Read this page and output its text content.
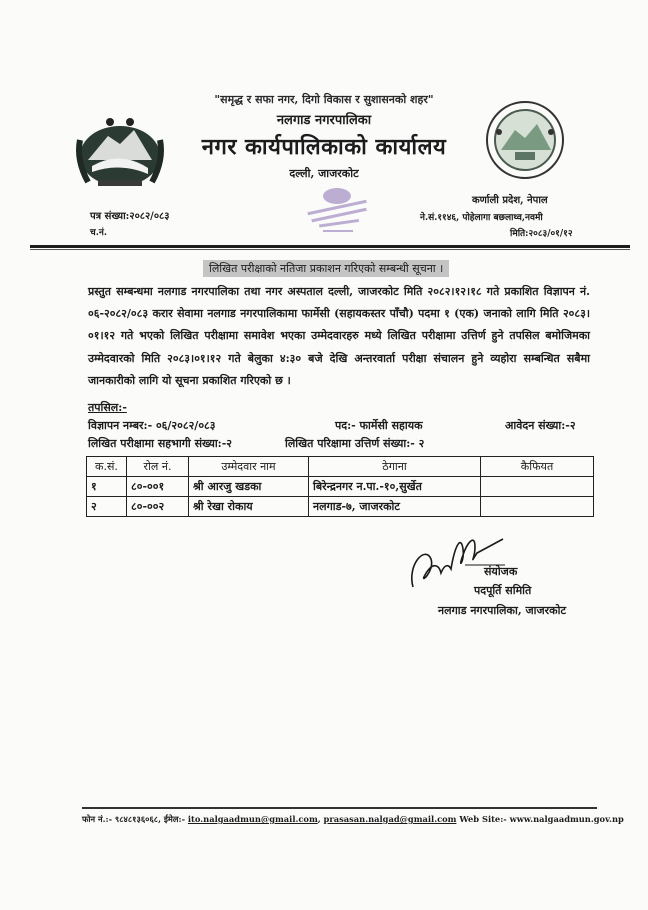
"समृद्ध र सफा नगर, दिगो विकास र सुशासनको शहर"
नलगाड नगरपालिका
नगर कार्यपालिकाको कार्यालय
दल्ली, जाजरकोट
पत्र संख्या:२०८२/०८३
च.नं.
कर्णाली प्रदेश, नेपाल
ने.सं.११४६, पोहेलागा बछलाथ्व,नवमी
मिति:२०८३/०१/१२
लिखित परीक्षाको नतिजा प्रकाशन गरिएको सम्बन्धी सूचना ।
प्रस्तुत सम्बन्धमा नलगाड नगरपालिका तथा नगर अस्पताल दल्ली, जाजरकोट मिति २०८२।१२।१८ गते प्रकाशित विज्ञापन नं. ०६-२०८२/०८३ करार सेवामा नलगाड नगरपालिकामा फार्मेसी (सहायकस्तर पाँचौ) पदमा १ (एक) जनाको लागि मिति २०८३।०१।१२ गते भएको लिखित परीक्षामा समावेश भएका उम्मेदवारहरु मध्ये लिखित परीक्षामा उत्तिर्ण हुने तपसिल बमोजिमका उम्मेदवारको मिति २०८३।०१।१२ गते बेलुका ४:३० बजे देखि अन्तरवार्ता परीक्षा संचालन हुने व्यहोरा सम्बन्धित सबैमा जानकारीको लागि यो सूचना प्रकाशित गरिएको छ ।
तपसिल:-
विज्ञापन नम्बर:- ०६/२०८२/०८३	पद:- फार्मेसी सहायक	आवेदन संख्या:-२
लिखित परीक्षामा सहभागी संख्या:-२	लिखित परिक्षामा उत्तिर्ण संख्या:- २
क.सं.	रोल नं.	उम्मेदवार नाम	ठेगाना	कैफियत
१	८०-००१	श्री आरजु खडका	बिरेन्द्रनगर न.पा.-१०,सुर्खेत	
२	८०-००२	श्री रेखा रोकाय	नलगाड-७, जाजरकोट	
संयोजक
पदपूर्ति समिति
नलगाड नगरपालिका, जाजरकोट
फोन नं.:- ९८४८१३६०६८, ईमेल:- ito.nalgaadmun@gmail.com, prasasan.nalgad@gmail.com Web Site:- www.nalgaadmun.gov.np
